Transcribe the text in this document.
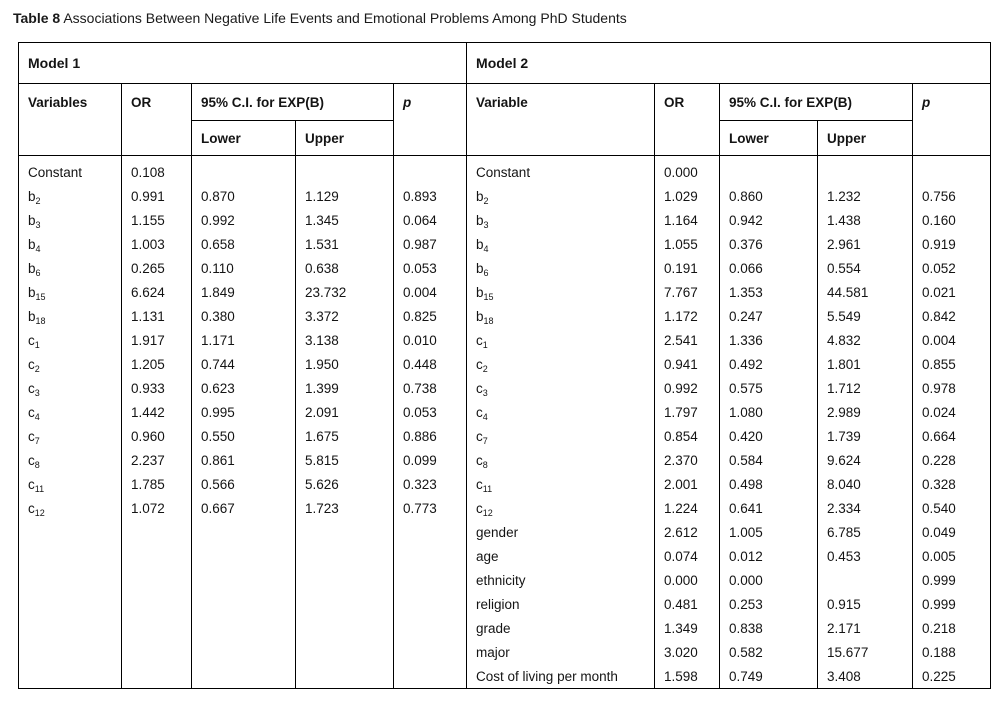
Table 8 Associations Between Negative Life Events and Emotional Problems Among PhD Students
Model 1					Model 2				
Variables	OR	95% C.I. for EXP(B)		p	Variable	OR	95% C.I. for EXP(B)		p
		Lower	Upper				Lower	Upper	
Constant	0.108				Constant	0.000			
$b_2$	0.991	0.870	1.129	0.893	$b_2$	1.029	0.860	1.232	0.756
$b_3$	1.155	0.992	1.345	0.064	$b_3$	1.164	0.942	1.438	0.160
$b_4$	1.003	0.658	1.531	0.987	$b_4$	1.055	0.376	2.961	0.919
$b_6$	0.265	0.110	0.638	0.053	$b_6$	0.191	0.066	0.554	0.052
$b_{15}$	6.624	1.849	23.732	0.004	$b_{15}$	7.767	1.353	44.581	0.021
$b_{18}$	1.131	0.380	3.372	0.825	$b_{18}$	1.172	0.247	5.549	0.842
$c_1$	1.917	1.171	3.138	0.010	$c_1$	2.541	1.336	4.832	0.004
$c_2$	1.205	0.744	1.950	0.448	$c_2$	0.941	0.492	1.801	0.855
$c_3$	0.933	0.623	1.399	0.738	$c_3$	0.992	0.575	1.712	0.978
$c_4$	1.442	0.995	2.091	0.053	$c_4$	1.797	1.080	2.989	0.024
$c_7$	0.960	0.550	1.675	0.886	$c_7$	0.854	0.420	1.739	0.664
$c_8$	2.237	0.861	5.815	0.099	$c_8$	2.370	0.584	9.624	0.228
$c_{11}$	1.785	0.566	5.626	0.323	$c_{11}$	2.001	0.498	8.040	0.328
$c_{12}$	1.072	0.667	1.723	0.773	$c_{12}$	1.224	0.641	2.334	0.540
					gender	2.612	1.005	6.785	0.049
					age	0.074	0.012	0.453	0.005
					ethnicity	0.000	0.000		0.999
					religion	0.481	0.253	0.915	0.999
					grade	1.349	0.838	2.171	0.218
					major	3.020	0.582	15.677	0.188
					Cost of living per month	1.598	0.749	3.408	0.225
